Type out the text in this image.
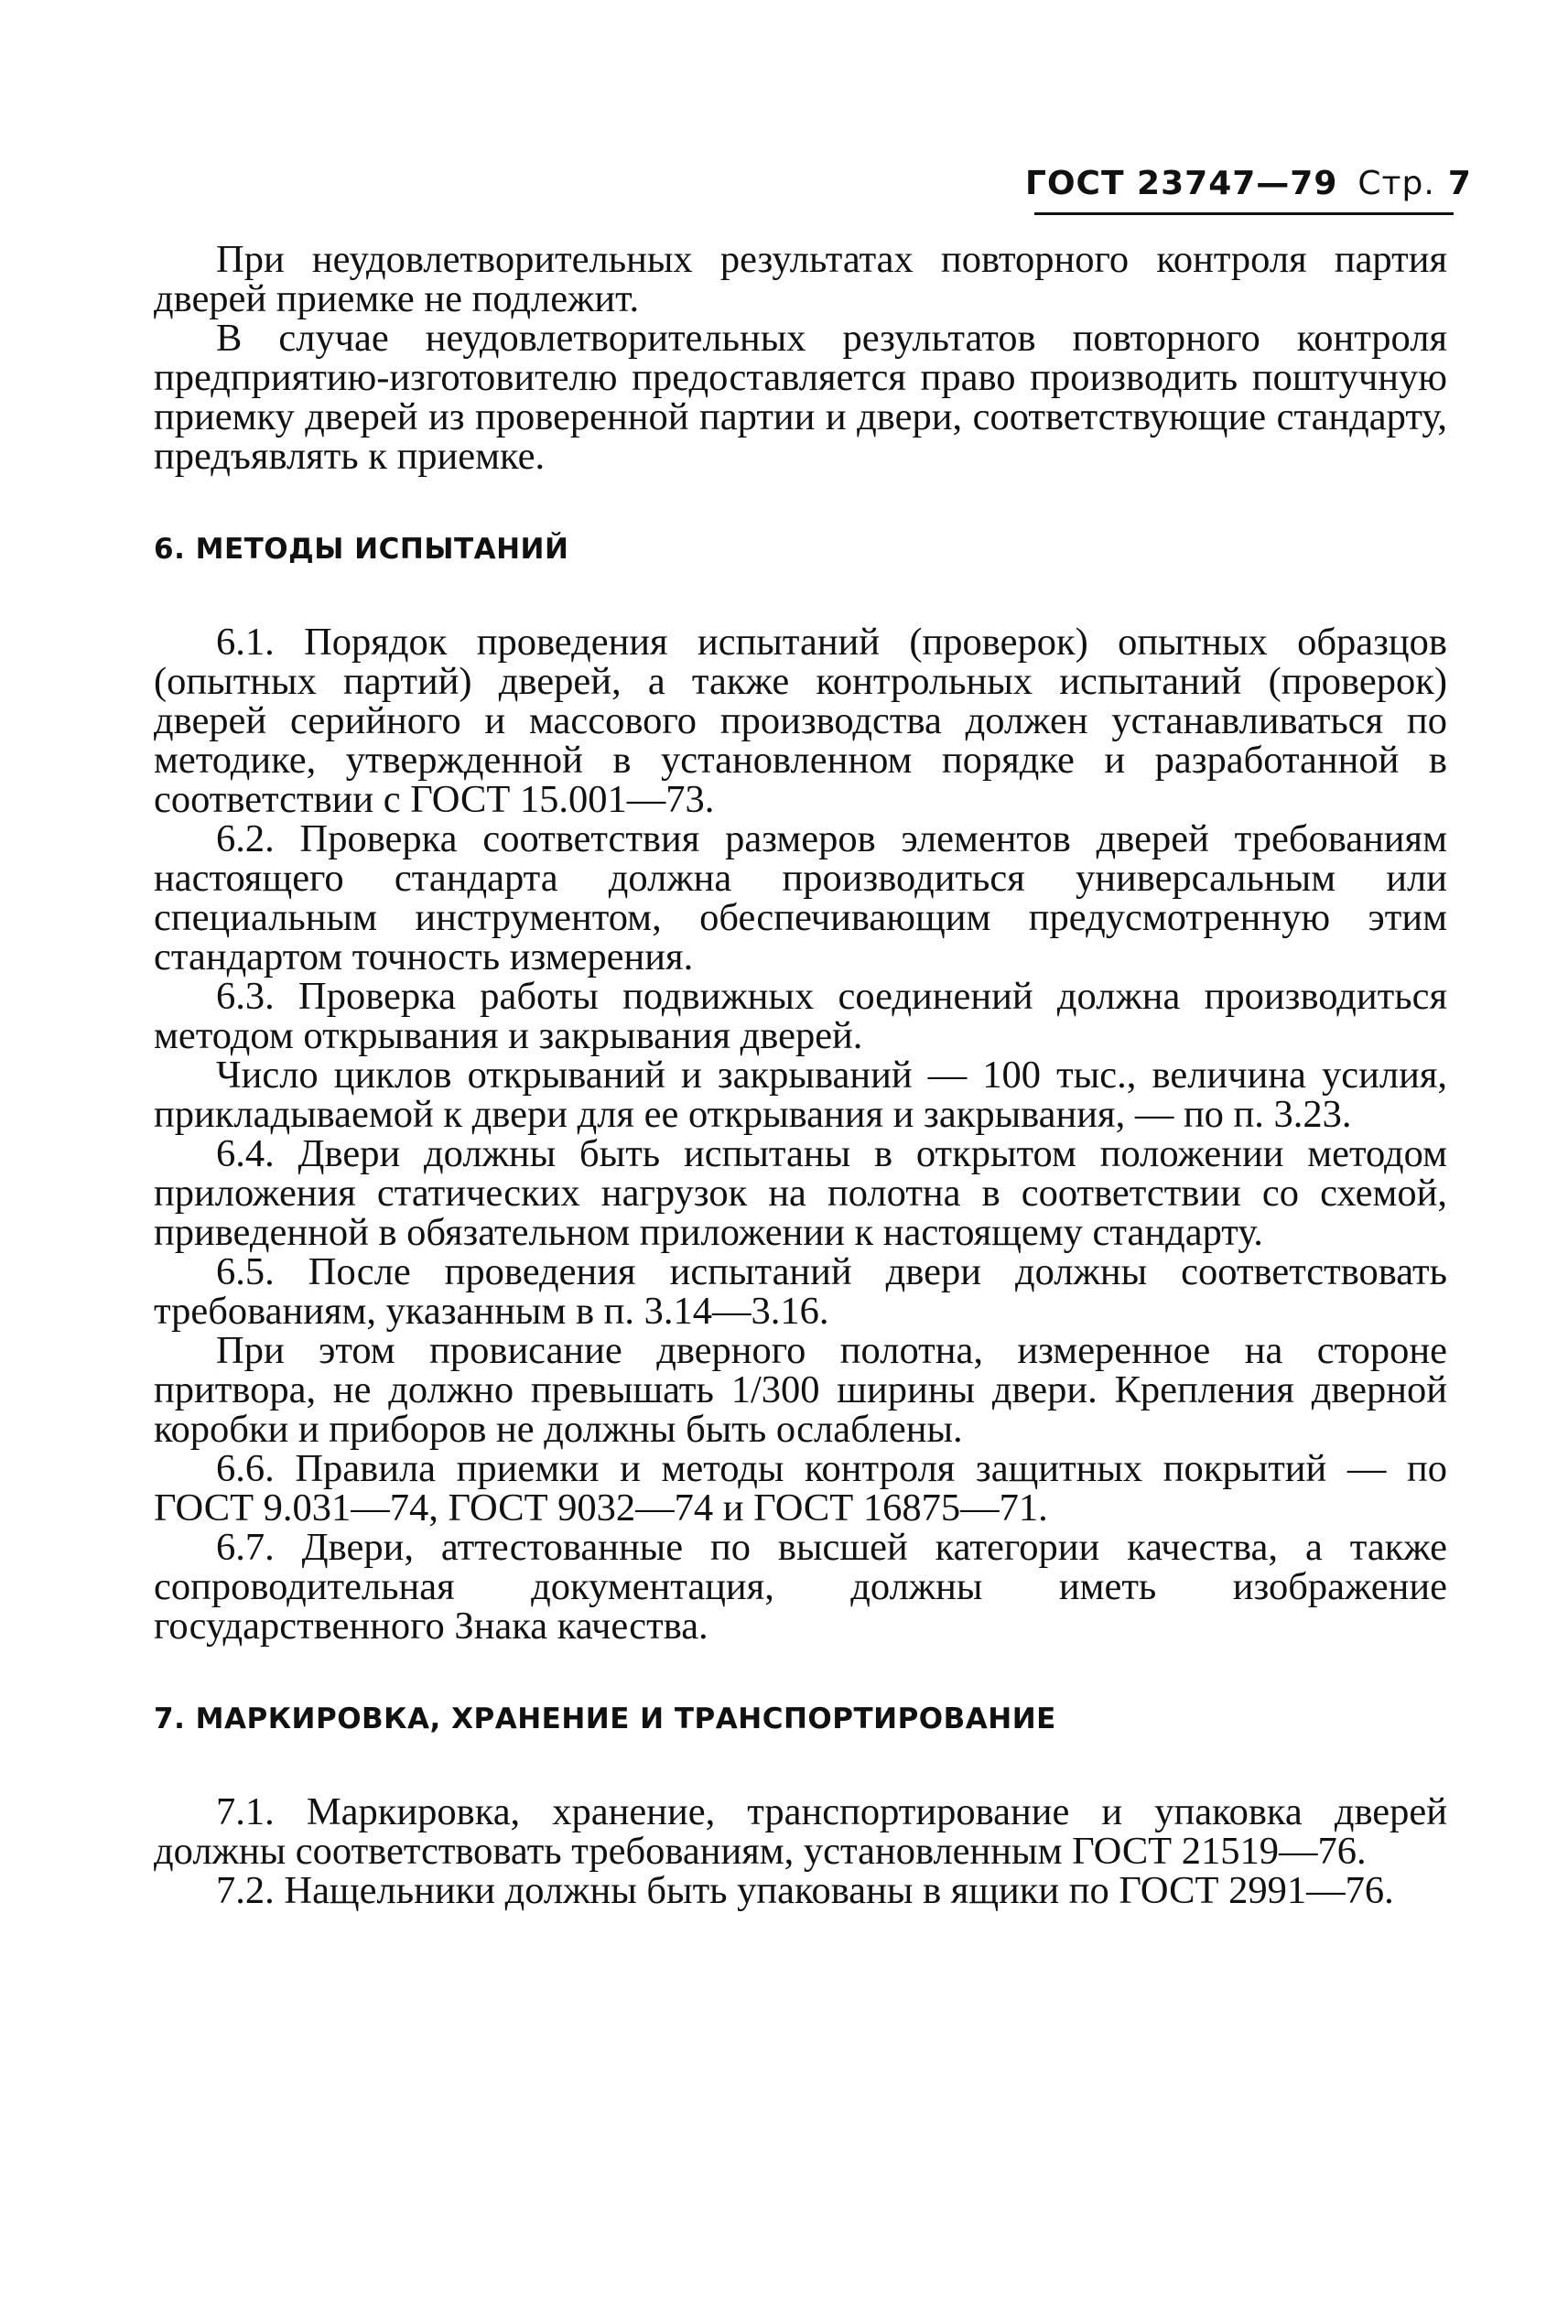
ГОСТ 23747—79 Стр. 7

При неудовлетворительных результатах повторного контроля партия дверей приемке не подлежит.

В случае неудовлетворительных результатов повторного контроля предприятию-изготовителю предоставляется право производить поштучную приемку дверей из проверенной партии и двери, соответствующие стандарту, предъявлять к приемке.

6. МЕТОДЫ ИСПЫТАНИЙ

6.1. Порядок проведения испытаний (проверок) опытных образцов (опытных партий) дверей, а также контрольных испытаний (проверок) дверей серийного и массового производства должен устанавливаться по методике, утвержденной в установленном порядке и разработанной в соответствии с ГОСТ 15.001—73.

6.2. Проверка соответствия размеров элементов дверей требованиям настоящего стандарта должна производиться универсальным или специальным инструментом, обеспечивающим предусмотренную этим стандартом точность измерения.

6.3. Проверка работы подвижных соединений должна производиться методом открывания и закрывания дверей.

Число циклов открываний и закрываний — 100 тыс., величина усилия, прикладываемой к двери для ее открывания и закрывания, — по п. 3.23.

6.4. Двери должны быть испытаны в открытом положении методом приложения статических нагрузок на полотна в соответствии со схемой, приведенной в обязательном приложении к настоящему стандарту.

6.5. После проведения испытаний двери должны соответствовать требованиям, указанным в п. 3.14—3.16.

При этом провисание дверного полотна, измеренное на стороне притвора, не должно превышать 1/300 ширины двери. Крепления дверной коробки и приборов не должны быть ослаблены.

6.6. Правила приемки и методы контроля защитных покрытий — по ГОСТ 9.031—74, ГОСТ 9032—74 и ГОСТ 16875—71.

6.7. Двери, аттестованные по высшей категории качества, а также сопроводительная документация, должны иметь изображение государственного Знака качества.

7. МАРКИРОВКА, ХРАНЕНИЕ И ТРАНСПОРТИРОВАНИЕ

7.1. Маркировка, хранение, транспортирование и упаковка дверей должны соответствовать требованиям, установленным ГОСТ 21519—76.

7.2. Нащельники должны быть упакованы в ящики по ГОСТ 2991—76.
